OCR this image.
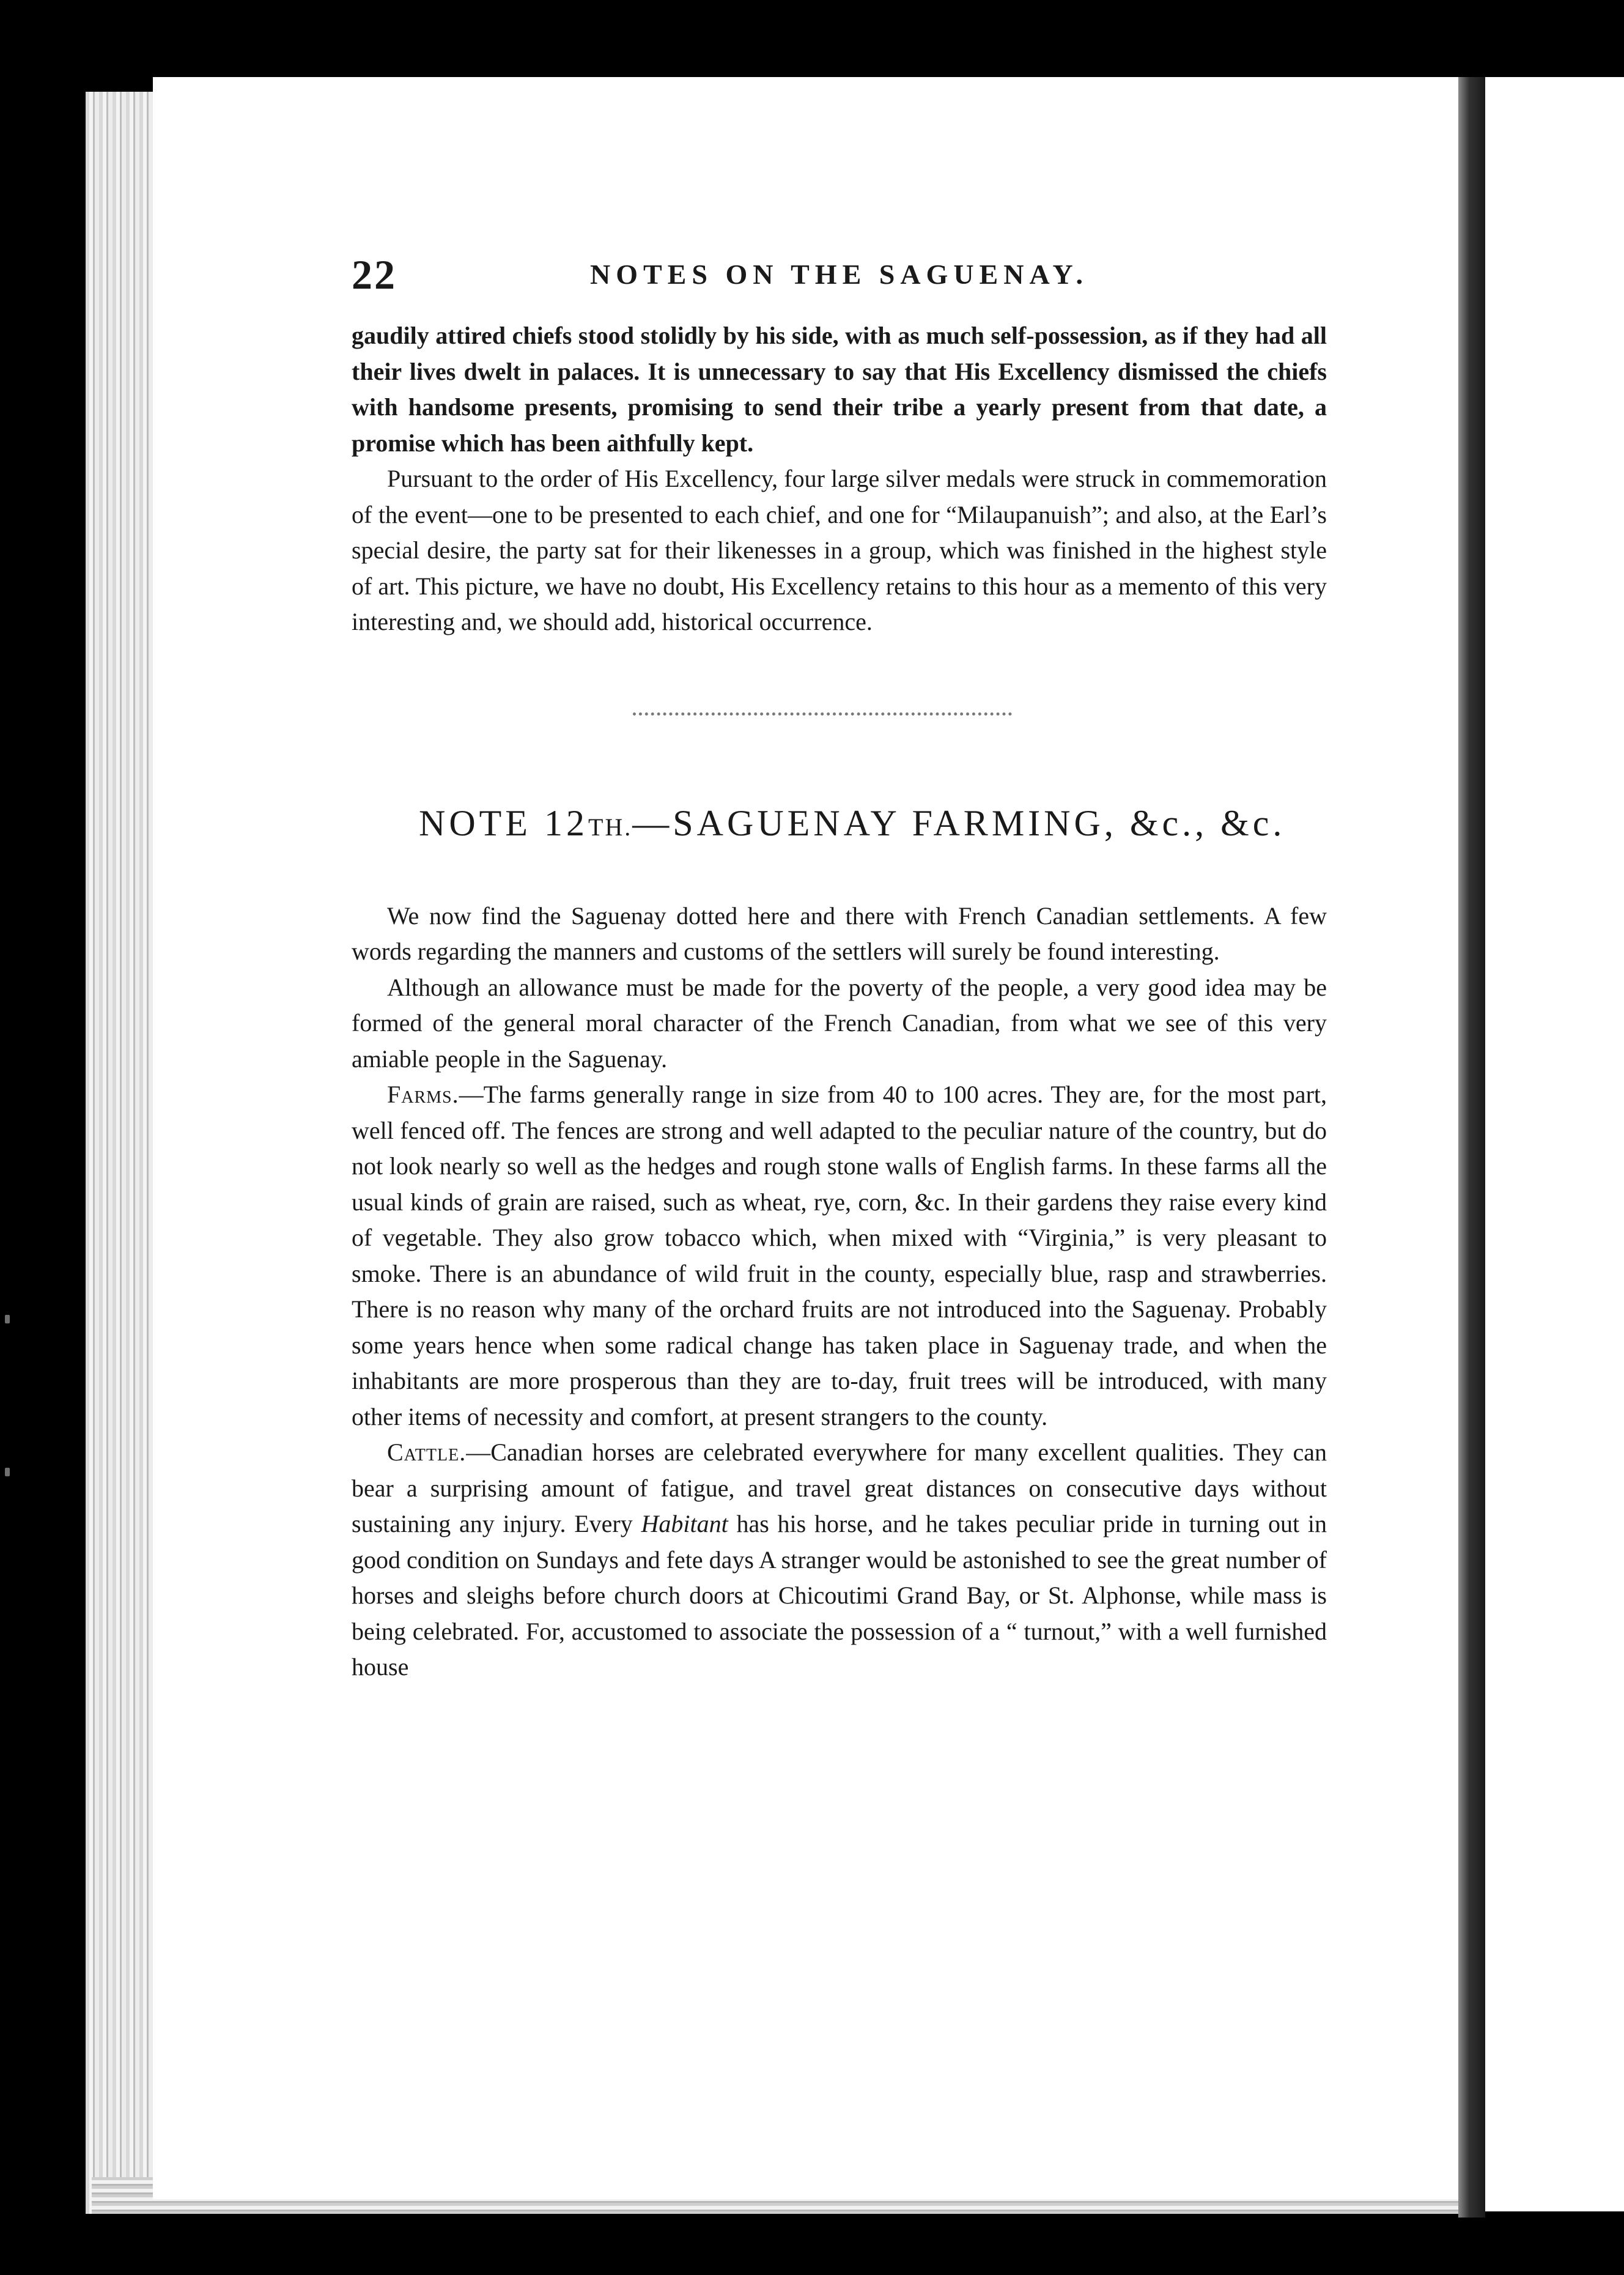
22	NOTES ON THE SAGUENAY.

gaudily attired chiefs stood stolidly by his side, with as much self-possession, as if they had all their lives dwelt in palaces. It is unnecessary to say that His Excellency dismissed the chiefs with handsome presents, promising to send their tribe a yearly present from that date, a promise which has been aithfully kept.

Pursuant to the order of His Excellency, four large silver medals were struck in commemoration of the event—one to be presented to each chief, and one for “Milaupanuish”; and also, at the Earl’s special desire, the party sat for their likenesses in a group, which was finished in the highest style of art. This picture, we have no doubt, His Excellency retains to this hour as a memento of this very interesting and, we should add, historical occurrence.

NOTE 12TH.—SAGUENAY FARMING, &c., &c.

We now find the Saguenay dotted here and there with French Canadian settlements. A few words regarding the manners and customs of the settlers will surely be found interesting.

Although an allowance must be made for the poverty of the people, a very good idea may be formed of the general moral character of the French Canadian, from what we see of this very amiable people in the Saguenay.

Farms.—The farms generally range in size from 40 to 100 acres. They are, for the most part, well fenced off. The fences are strong and well adapted to the peculiar nature of the country, but do not look nearly so well as the hedges and rough stone walls of English farms. In these farms all the usual kinds of grain are raised, such as wheat, rye, corn, &c. In their gardens they raise every kind of vegetable. They also grow tobacco which, when mixed with “Virginia,” is very pleasant to smoke. There is an abundance of wild fruit in the county, especially blue, rasp and strawberries. There is no reason why many of the orchard fruits are not introduced into the Saguenay. Probably some years hence when some radical change has taken place in Saguenay trade, and when the inhabitants are more prosperous than they are to-day, fruit trees will be introduced, with many other items of necessity and comfort, at present strangers to the county.

Cattle.—Canadian horses are celebrated everywhere for many excellent qualities. They can bear a surprising amount of fatigue, and travel great distances on consecutive days without sustaining any injury. Every Habitant has his horse, and he takes peculiar pride in turning out in good condition on Sundays and fete days A stranger would be astonished to see the great number of horses and sleighs before church doors at Chicoutimi Grand Bay, or St. Alphonse, while mass is being celebrated. For, accustomed to associate the possession of a “ turnout,” with a well furnished house
